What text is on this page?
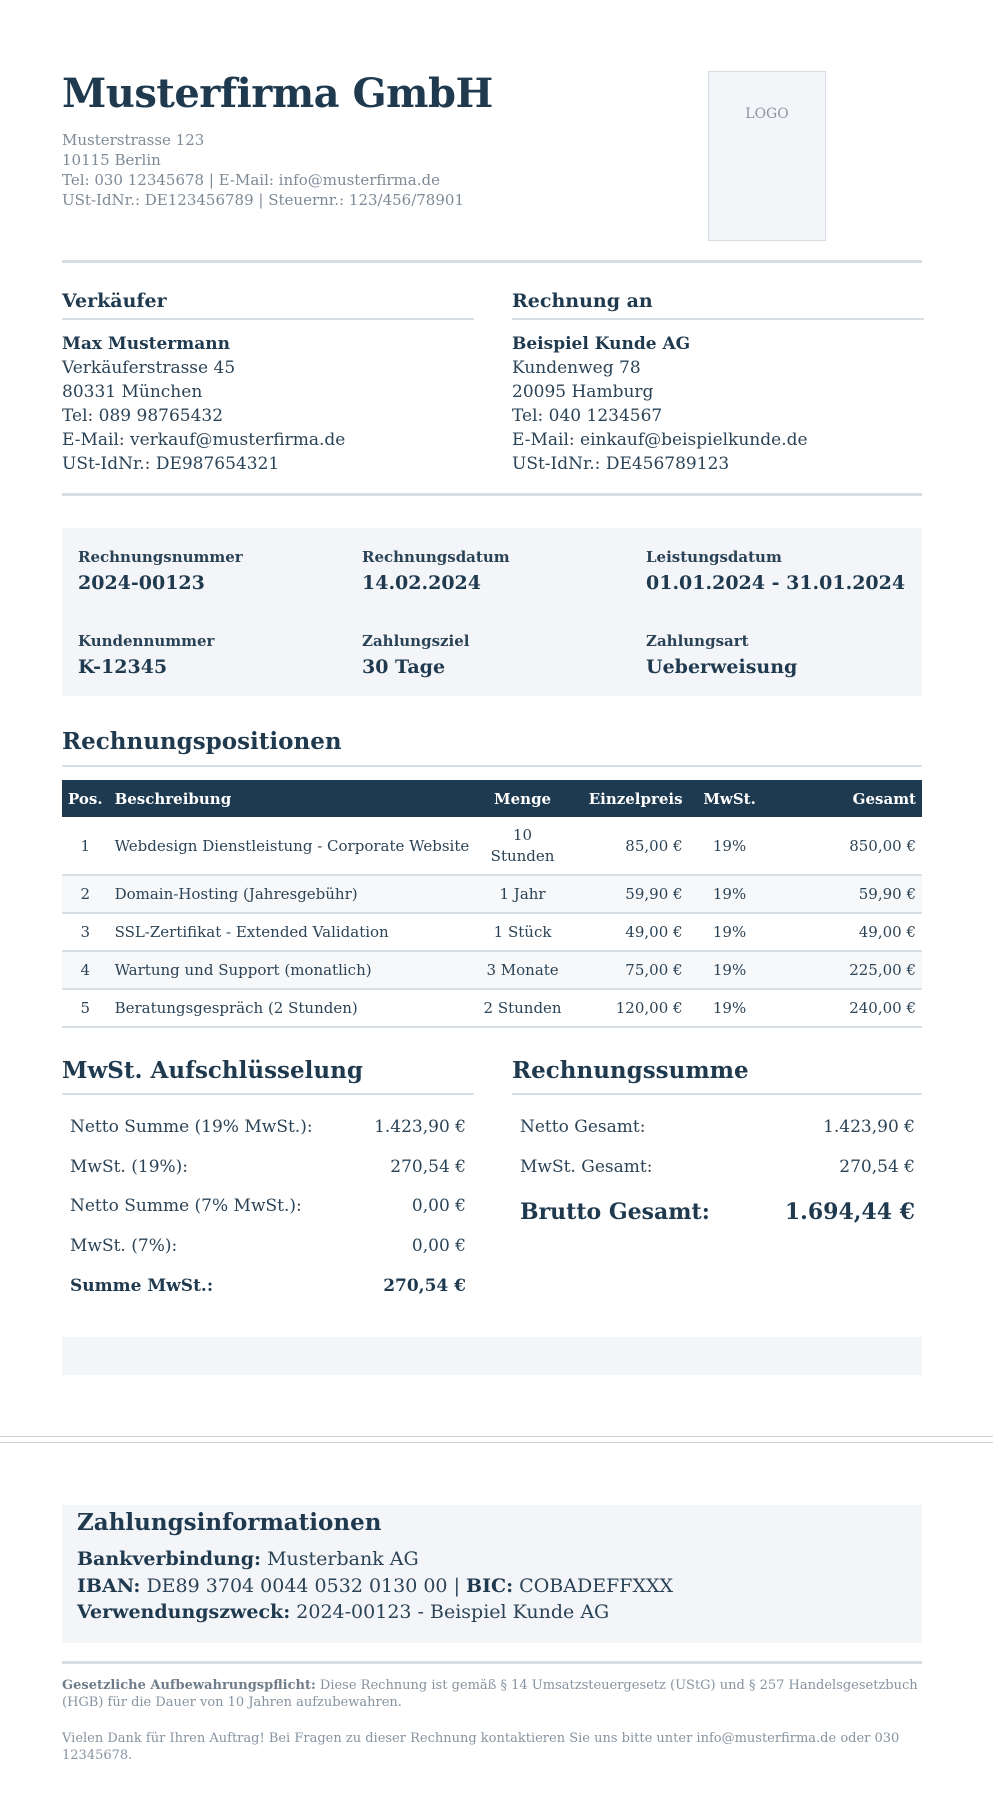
Musterfirma GmbH
Musterstrasse 123
10115 Berlin
Tel: 030 12345678 | E-Mail: info@musterfirma.de
USt-IdNr.: DE123456789 | Steuernr.: 123/456/78901
LOGO
Verkäufer
Max Mustermann
Verkäuferstrasse 45
80331 München
Tel: 089 98765432
E-Mail: verkauf@musterfirma.de
USt-IdNr.: DE987654321
Rechnung an
Beispiel Kunde AG
Kundenweg 78
20095 Hamburg
Tel: 040 1234567
E-Mail: einkauf@beispielkunde.de
USt-IdNr.: DE456789123
Rechnungsnummer
2024-00123
Rechnungsdatum
14.02.2024
Leistungsdatum
01.01.2024 - 31.01.2024
Kundennummer
K-12345
Zahlungsziel
30 Tage
Zahlungsart
Ueberweisung
Rechnungspositionen
Pos.	Beschreibung	Menge	Einzelpreis	MwSt.	Gesamt
1	Webdesign Dienstleistung - Corporate Website	10 Stunden	85,00 €	19%	850,00 €
2	Domain-Hosting (Jahresgebühr)	1 Jahr	59,90 €	19%	59,90 €
3	SSL-Zertifikat - Extended Validation	1 Stück	49,00 €	19%	49,00 €
4	Wartung und Support (monatlich)	3 Monate	75,00 €	19%	225,00 €
5	Beratungsgespräch (2 Stunden)	2 Stunden	120,00 €	19%	240,00 €
MwSt. Aufschlüsselung
Netto Summe (19% MwSt.):	1.423,90 €
MwSt. (19%):	270,54 €
Netto Summe (7% MwSt.):	0,00 €
MwSt. (7%):	0,00 €
Summe MwSt.:	270,54 €
Rechnungssumme
Netto Gesamt:	1.423,90 €
MwSt. Gesamt:	270,54 €
Brutto Gesamt:	1.694,44 €
Zahlungsinformationen
Bankverbindung: Musterbank AG
IBAN: DE89 3704 0044 0532 0130 00 | BIC: COBADEFFXXX
Verwendungszweck: 2024-00123 - Beispiel Kunde AG
Gesetzliche Aufbewahrungspflicht: Diese Rechnung ist gemäß § 14 Umsatzsteuergesetz (UStG) und § 257 Handelsgesetzbuch (HGB) für die Dauer von 10 Jahren aufzubewahren.
Vielen Dank für Ihren Auftrag! Bei Fragen zu dieser Rechnung kontaktieren Sie uns bitte unter info@musterfirma.de oder 030 12345678.
